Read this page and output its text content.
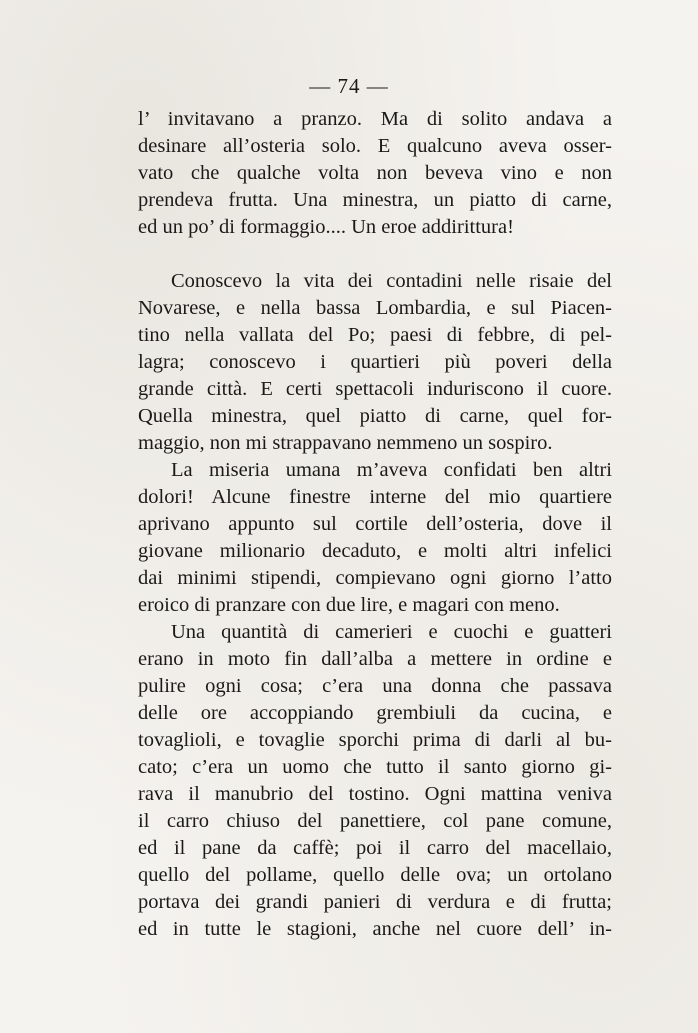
— 74 —

l’ invitavano a pranzo. Ma di solito andava a
desinare all’osteria solo. E qualcuno aveva osser-
vato che qualche volta non beveva vino e non
prendeva frutta. Una minestra, un piatto di carne,
ed un po’ di formaggio.... Un eroe addirittura!

Conoscevo la vita dei contadini nelle risaie del
Novarese, e nella bassa Lombardia, e sul Piacen-
tino nella vallata del Po; paesi di febbre, di pel-
lagra; conoscevo i quartieri più poveri della
grande città. E certi spettacoli induriscono il cuore.
Quella minestra, quel piatto di carne, quel for-
maggio, non mi strappavano nemmeno un sospiro.

La miseria umana m’aveva confidati ben altri
dolori! Alcune finestre interne del mio quartiere
aprivano appunto sul cortile dell’osteria, dove il
giovane milionario decaduto, e molti altri infelici
dai minimi stipendi, compievano ogni giorno l’atto
eroico di pranzare con due lire, e magari con meno.

Una quantità di camerieri e cuochi e guatteri
erano in moto fin dall’alba a mettere in ordine e
pulire ogni cosa; c’era una donna che passava
delle ore accoppiando grembiuli da cucina, e
tovaglioli, e tovaglie sporchi prima di darli al bu-
cato; c’era un uomo che tutto il santo giorno gi-
rava il manubrio del tostino. Ogni mattina veniva
il carro chiuso del panettiere, col pane comune,
ed il pane da caffè; poi il carro del macellaio,
quello del pollame, quello delle ova; un ortolano
portava dei grandi panieri di verdura e di frutta;
ed in tutte le stagioni, anche nel cuore dell’ in-
